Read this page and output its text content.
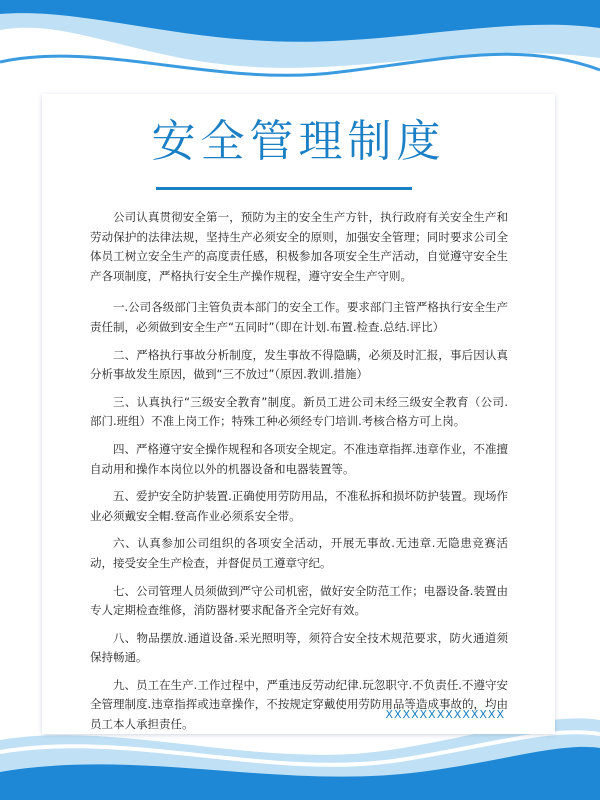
安全管理制度

公司认真贯彻安全第一，预防为主的安全生产方针，执行政府有关安全生产和劳动保护的法律法规，坚持生产必须安全的原则，加强安全管理；同时要求公司全体员工树立安全生产的高度责任感，积极参加各项安全生产活动，自觉遵守安全生产各项制度，严格执行安全生产操作规程，遵守安全生产守则。

一.公司各级部门主管负责本部门的安全工作。要求部门主管严格执行安全生产责任制，必须做到安全生产“五同时”（即在计划.布置.检查.总结.评比）

二、严格执行事故分析制度，发生事故不得隐瞒，必须及时汇报，事后因认真分析事故发生原因，做到“三不放过”（原因.教训.措施）

三、认真执行“三级安全教育”制度。新员工进公司未经三级安全教育（公司.部门.班组）不准上岗工作；特殊工种必须经专门培训.考核合格方可上岗。

四、严格遵守安全操作规程和各项安全规定。不准违章指挥.违章作业，不准擅自动用和操作本岗位以外的机器设备和电器装置等。

五、爱护安全防护装置.正确使用劳防用品，不准私拆和损坏防护装置。现场作业必须戴安全帽.登高作业必须系安全带。

六、认真参加公司组织的各项安全活动，开展无事故.无违章.无隐患竞赛活动，接受安全生产检查，并督促员工遵章守纪。

七、公司管理人员须做到严守公司机密，做好安全防范工作；电器设备.装置由专人定期检查维修，消防器材要求配备齐全完好有效。

八、物品摆放.通道设备.采光照明等，须符合安全技术规范要求，防火通道须保持畅通。

九、员工在生产.工作过程中，严重违反劳动纪律.玩忽职守.不负责任.不遵守安全管理制度.违章指挥或违章操作，不按规定穿戴使用劳防用品等造成事故的，均由员工本人承担责任。

XXXXXXXXXXXXXX
